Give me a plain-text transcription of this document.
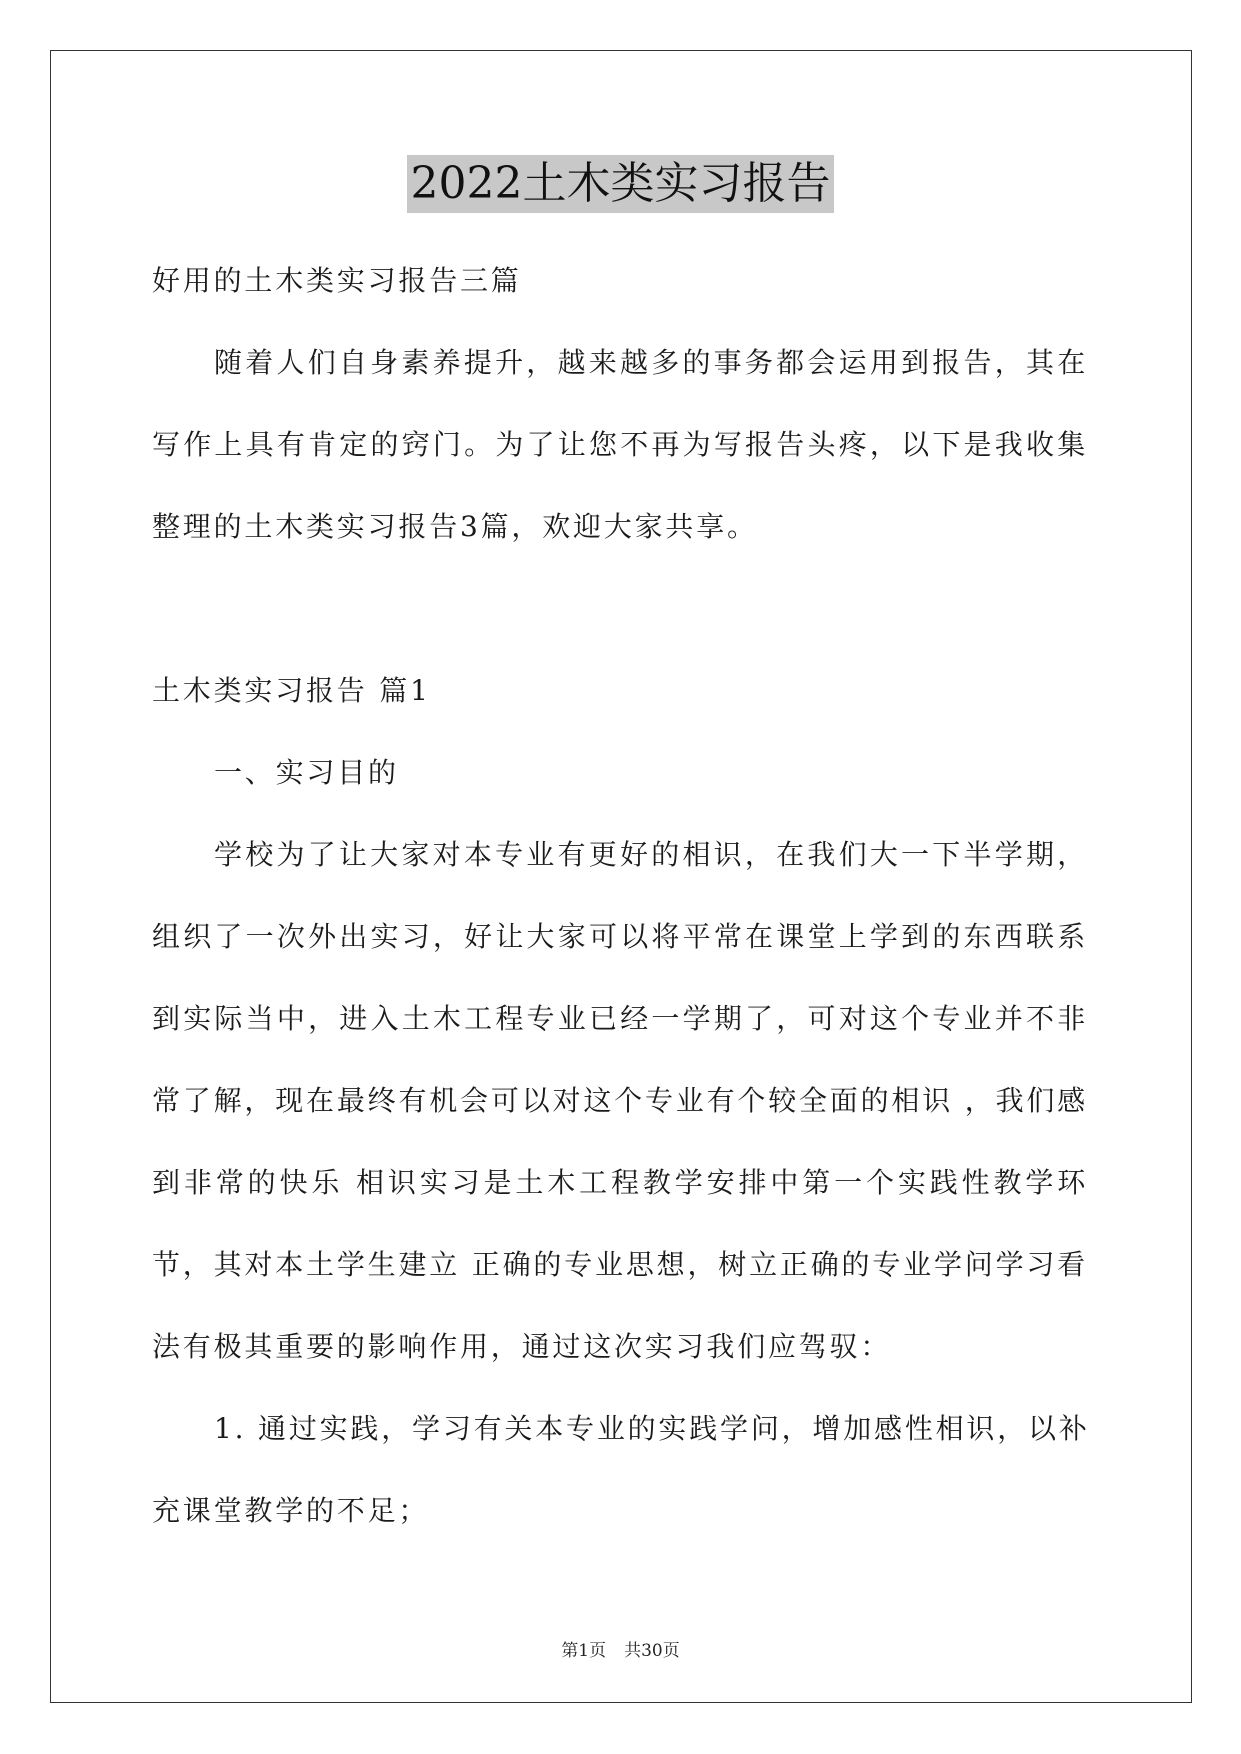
2022土木类实习报告
好用的土木类实习报告三篇
随着人们自身素养提升，越来越多的事务都会运用到报告，其在
写作上具有肯定的窍门。为了让您不再为写报告头疼，以下是我收集
整理的土木类实习报告3篇，欢迎大家共享。
土木类实习报告 篇1
一、实习目的
学校为了让大家对本专业有更好的相识，在我们大一下半学期，
组织了一次外出实习，好让大家可以将平常在课堂上学到的东西联系
到实际当中，进入土木工程专业已经一学期了，可对这个专业并不非
常了解，现在最终有机会可以对这个专业有个较全面的相识 ，我们感
到非常的快乐 相识实习是土木工程教学安排中第一个实践性教学环
节，其对本土学生建立 正确的专业思想，树立正确的专业学问学习看
法有极其重要的影响作用，通过这次实习我们应驾驭：
1. 通过实践，学习有关本专业的实践学问，增加感性相识，以补
充课堂教学的不足；
第1页 共30页
